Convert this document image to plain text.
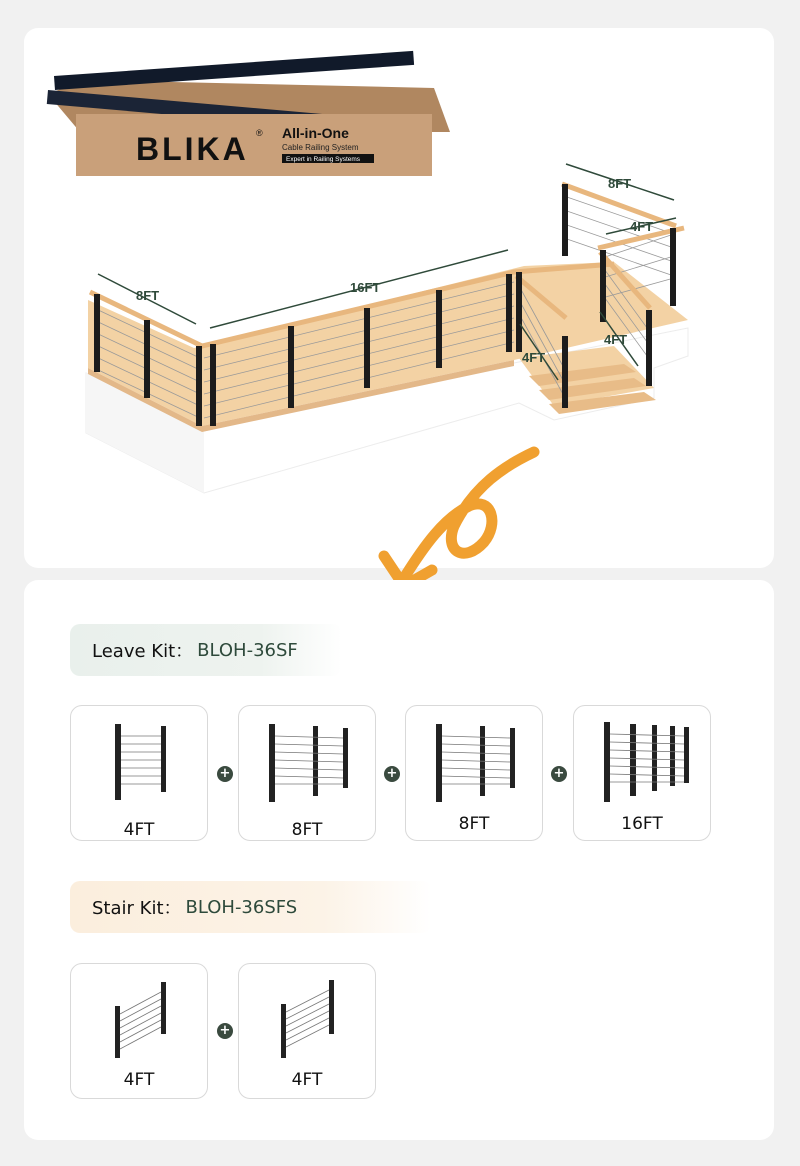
BLIKA ® All-in-One
Cable Railing System
Expert in Railing Systems
8FT
16FT
8FT
4FT
4FT
4FT
Leave Kit： BLOH-36SF
4FT
+
8FT
+
8FT
+
16FT
Stair Kit： BLOH-36SFS
4FT
+
4FT
